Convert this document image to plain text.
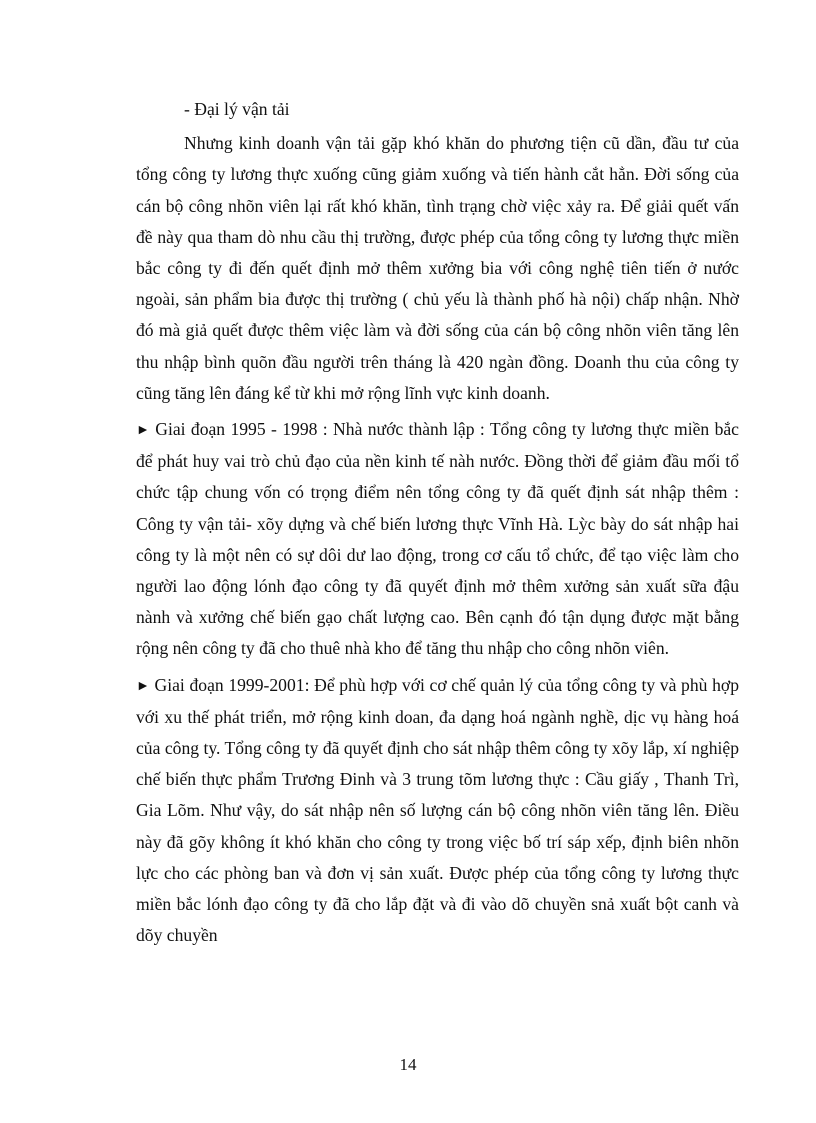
- Đại lý vận tải

Nhưng kinh doanh vận tải gặp khó khăn do phương tiện cũ dần, đầu tư của tổng công ty lương thực xuống cũng giảm xuống và tiến hành cắt hẳn. Đời sống của cán bộ công nhõn viên lại rất khó khăn, tình trạng chờ việc xảy ra. Để giải quết vấn đề này qua tham dò nhu cầu thị trường, được phép của tổng công ty lương thực miền bắc công ty đi đến quết định mở thêm xưởng bia với công nghệ tiên tiến ở nước ngoài, sản phẩm bia được thị trường ( chủ yếu là thành phố hà nội) chấp nhận. Nhờ đó mà giả quết được thêm việc làm và đời sống của cán bộ công nhõn viên tăng lên thu nhập bình quõn đầu người trên tháng là 420 ngàn đồng. Doanh thu của công ty cũng tăng lên đáng kể từ khi mở rộng lĩnh vực kinh doanh.

► Giai đoạn 1995 - 1998 : Nhà nước thành lập : Tổng công ty lương thực miền bắc để phát huy vai trò chủ đạo của nền kinh tế nàh nước. Đồng thời để giảm đầu mối tổ chức tập chung vốn có trọng điểm nên tổng công ty đã quết định sát nhập thêm : Công ty vận tải- xõy dựng và chế biến lương thực Vĩnh Hà. Lỳc bày do sát nhập hai công ty là một nên có sự dôi dư lao động, trong cơ cấu tổ chức, để tạo việc làm cho người lao động lónh đạo công ty đã quyết định mở thêm xưởng sản xuất sữa đậu nành và xưởng chế biến gạo chất lượng cao. Bên cạnh đó tận dụng được mặt bằng rộng nên công ty đã cho thuê nhà kho để tăng thu nhập cho công nhõn viên.

► Giai đoạn 1999-2001: Để phù hợp với cơ chế quản lý của tổng công ty và phù hợp với xu thế phát triển, mở rộng kinh doan, đa dạng hoá ngành nghề, dịc vụ hàng hoá của công ty. Tổng công ty đã quyết định cho sát nhập thêm công ty xõy lắp, xí nghiệp chế biến thực phẩm Trương Đinh và 3 trung tõm lương thực : Cầu giấy , Thanh Trì, Gia Lõm. Như vậy, do sát nhập nên số lượng cán bộ công nhõn viên tăng lên. Điều này đã gõy không ít khó khăn cho công ty trong việc bố trí sáp xếp, định biên nhõn lực cho các phòng ban và đơn vị sản xuất. Được phép của tổng công ty lương thực miền bắc lónh đạo công ty đã cho lắp đặt và đi vào dõ chuyền snả xuất bột canh và dõy chuyền

14
